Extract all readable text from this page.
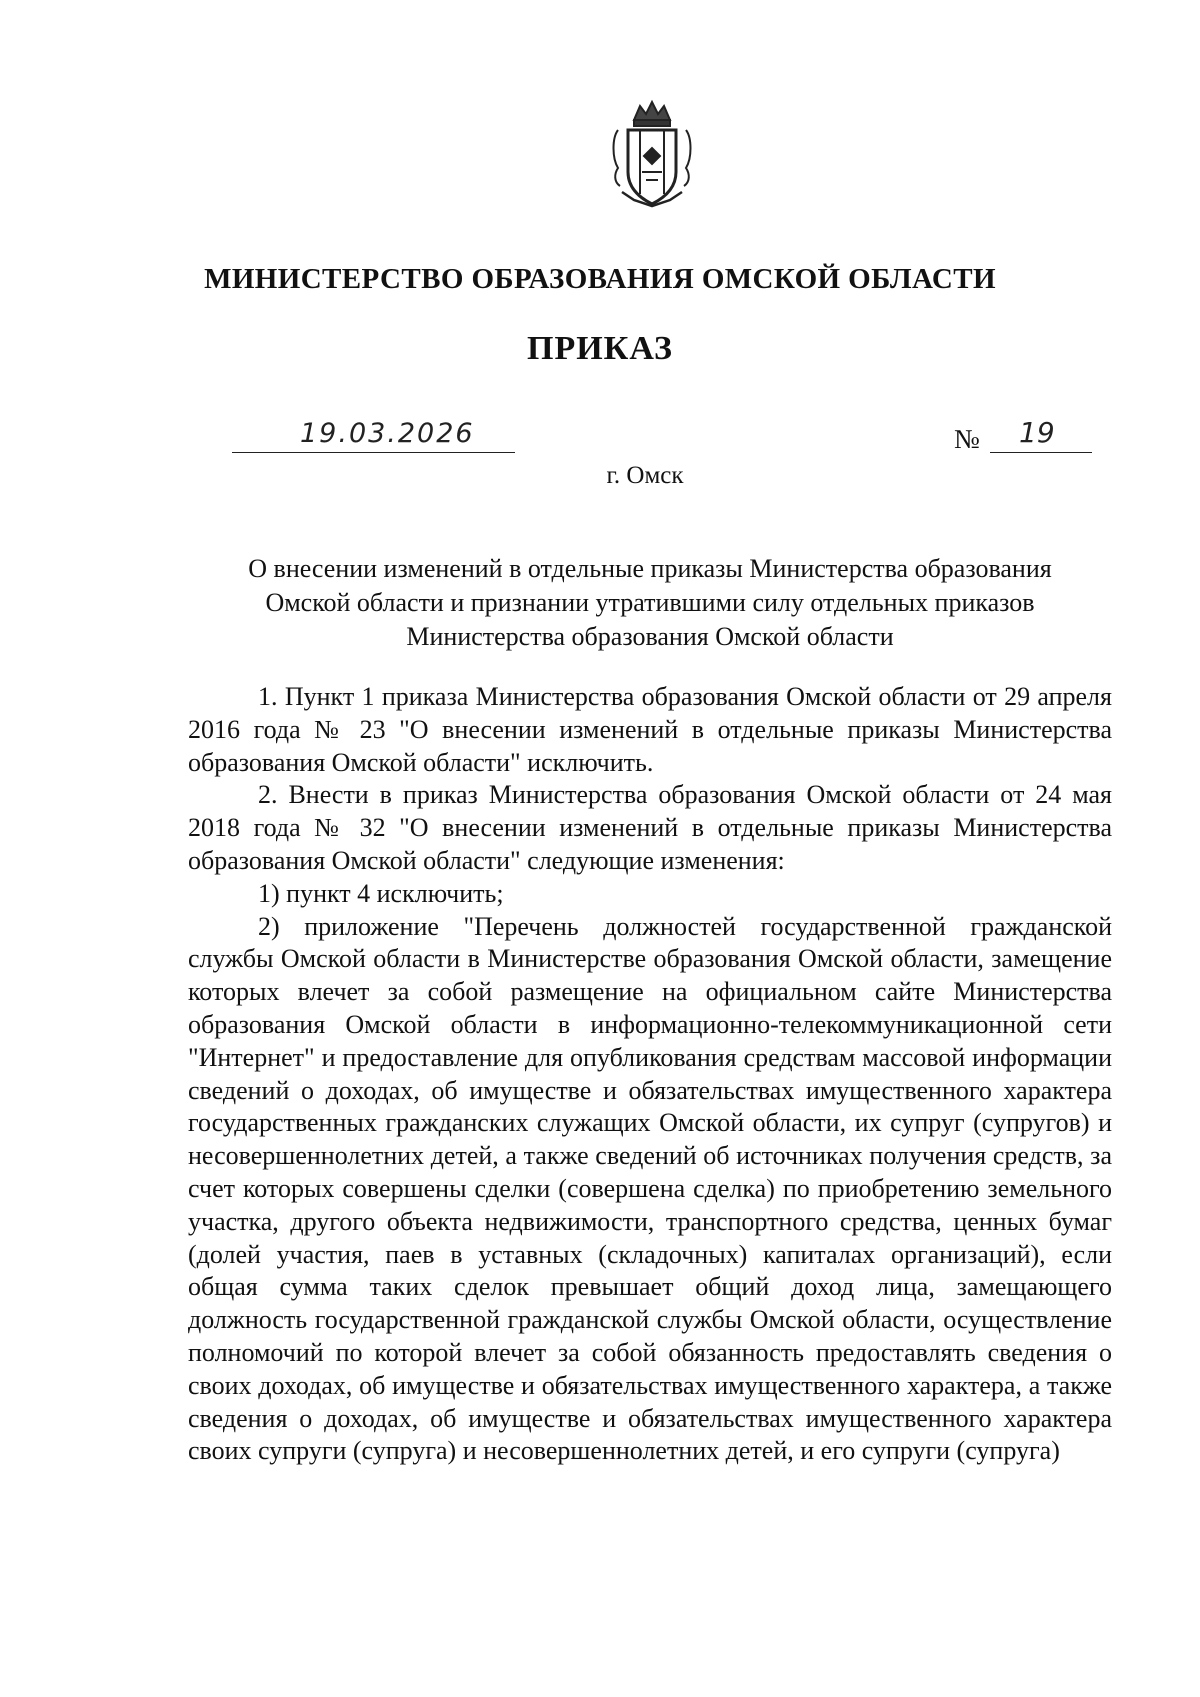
МИНИСТЕРСТВО ОБРАЗОВАНИЯ ОМСКОЙ ОБЛАСТИ
ПРИКАЗ
19.03.2026	№ 19
г. Омск
О внесении изменений в отдельные приказы Министерства образования
Омской области и признании утратившими силу отдельных приказов
Министерства образования Омской области

1. Пункт 1 приказа Министерства образования Омской области от 29 апреля 2016 года № 23 "О внесении изменений в отдельные приказы Министерства образования Омской области" исключить.

2. Внести в приказ Министерства образования Омской области от 24 мая 2018 года № 32 "О внесении изменений в отдельные приказы Министерства образования Омской области" следующие изменения:

1) пункт 4 исключить;

2) приложение "Перечень должностей государственной гражданской службы Омской области в Министерстве образования Омской области, замещение которых влечет за собой размещение на официальном сайте Министерства образования Омской области в информационно-телекоммуникационной сети "Интернет" и предоставление для опубликования средствам массовой информации сведений о доходах, об имуществе и обязательствах имущественного характера государственных гражданских служащих Омской области, их супруг (супругов) и несовершеннолетних детей, а также сведений об источниках получения средств, за счет которых совершены сделки (совершена сделка) по приобретению земельного участка, другого объекта недвижимости, транспортного средства, ценных бумаг (долей участия, паев в уставных (складочных) капиталах организаций), если общая сумма таких сделок превышает общий доход лица, замещающего должность государственной гражданской службы Омской области, осуществление полномочий по которой влечет за собой обязанность предоставлять сведения о своих доходах, об имуществе и обязательствах имущественного характера, а также сведения о доходах, об имуществе и обязательствах имущественного характера своих супруги (супруга) и несовершеннолетних детей, и его супруги (супруга)
